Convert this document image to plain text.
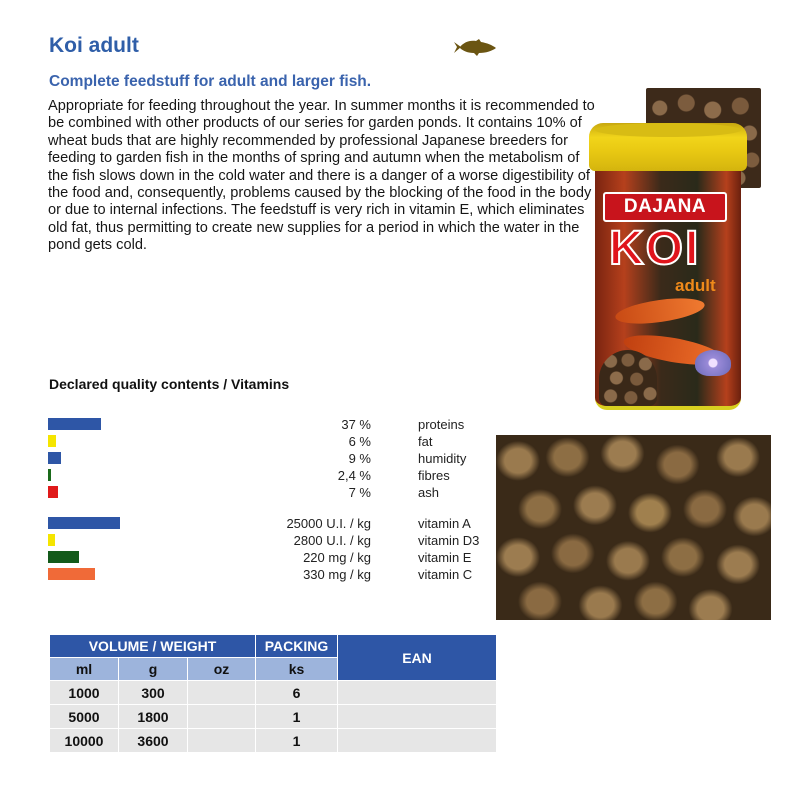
Koi adult
Complete feedstuff for adult and larger fish.

Appropriate for feeding throughout the year. In summer months it is recommended to be combined with other products of our series for garden ponds. It contains 10% of wheat buds that are highly recommended by professional Japanese breeders for feeding to garden fish in the months of spring and autumn when the metabolism of the fish slows down in the cold water and there is a danger of a worse digestibility of the food and, consequently, problems caused by the blocking of the food in the body or due to internal infections. The feedstuff is very rich in vitamin E, which eliminates old fat, thus permitting to create new supplies for a period in which the water in the pond gets cold.

DAJANA
KOI
adult
Declared quality contents / Vitamins
37 %	proteins
6 %	fat
9 %	humidity
2,4 %	fibres
7 %	ash
25000 U.I. / kg	vitamin A
2800 U.I. / kg	vitamin D3
220 mg / kg	vitamin E
330 mg / kg	vitamin C
VOLUME / WEIGHT			PACKING	EAN
ml	g	oz	ks	
1000	300		6	
5000	1800		1	
10000	3600		1	
